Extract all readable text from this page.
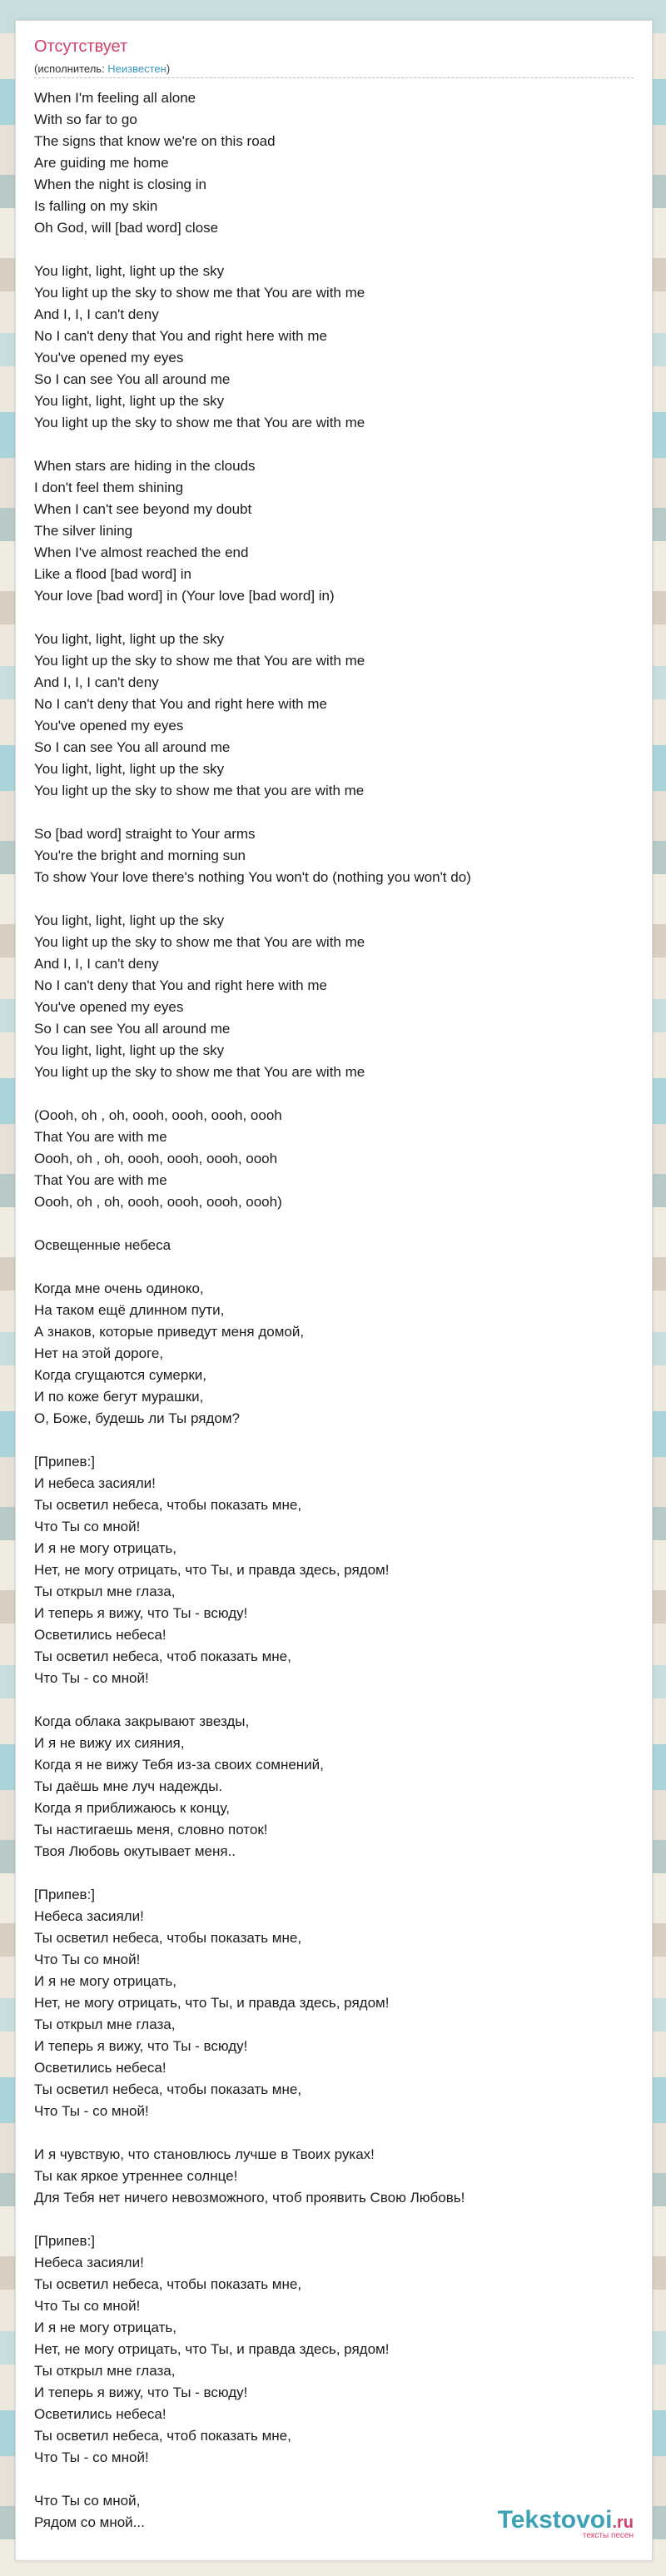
Отсутствует
(исполнитель: Неизвестен)
When I'm feeling all alone
With so far to go
The signs that know we're on this road
Are guiding me home
When the night is closing in
Is falling on my skin
Oh God, will [bad word] close

You light, light, light up the sky
You light up the sky to show me that You are with me
And I, I, I can't deny
No I can't deny that You and right here with me
You've opened my eyes
So I can see You all around me
You light, light, light up the sky
You light up the sky to show me that You are with me

When stars are hiding in the clouds
I don't feel them shining
When I can't see beyond my doubt
The silver lining
When I've almost reached the end
Like a flood [bad word] in
Your love [bad word] in (Your love [bad word] in)

You light, light, light up the sky
You light up the sky to show me that You are with me
And I, I, I can't deny
No I can't deny that You and right here with me
You've opened my eyes
So I can see You all around me
You light, light, light up the sky
You light up the sky to show me that you are with me

So [bad word] straight to Your arms
You're the bright and morning sun
To show Your love there's nothing You won't do (nothing you won't do)

You light, light, light up the sky
You light up the sky to show me that You are with me
And I, I, I can't deny
No I can't deny that You and right here with me
You've opened my eyes
So I can see You all around me
You light, light, light up the sky
You light up the sky to show me that You are with me

(Oooh, oh , oh, oooh, oooh, oooh, oooh
That You are with me
Oooh, oh , oh, oooh, oooh, oooh, oooh
That You are with me
Oooh, oh , oh, oooh, oooh, oooh, oooh)

Освещенные небеса

Когда мне очень одиноко,
На таком ещё длинном пути,
А знаков, которые приведут меня домой,
Нет на этой дороге,
Когда сгущаются сумерки,
И по коже бегут мурашки,
О, Боже, будешь ли Ты рядом?

[Припев:]
И небеса засияли!
Ты осветил небеса, чтобы показать мне,
Что Ты со мной!
И я не могу отрицать,
Нет, не могу отрицать, что Ты, и правда здесь, рядом!
Ты открыл мне глаза,
И теперь я вижу, что Ты - всюду!
Осветились небеса!
Ты осветил небеса, чтоб показать мне,
Что Ты - со мной!

Когда облака закрывают звезды,
И я не вижу их сияния,
Когда я не вижу Тебя из-за своих сомнений,
Ты даёшь мне луч надежды.
Когда я приближаюсь к концу,
Ты настигаешь меня, словно поток!
Твоя Любовь окутывает меня..

[Припев:]
Небеса засияли!
Ты осветил небеса, чтобы показать мне,
Что Ты со мной!
И я не могу отрицать,
Нет, не могу отрицать, что Ты, и правда здесь, рядом!
Ты открыл мне глаза,
И теперь я вижу, что Ты - всюду!
Осветились небеса!
Ты осветил небеса, чтобы показать мне,
Что Ты - со мной!

И я чувствую, что становлюсь лучше в Твоих руках!
Ты как яркое утреннее солнце!
Для Тебя нет ничего невозможного, чтоб проявить Свою Любовь!

[Припев:]
Небеса засияли!
Ты осветил небеса, чтобы показать мне,
Что Ты со мной!
И я не могу отрицать,
Нет, не могу отрицать, что Ты, и правда здесь, рядом!
Ты открыл мне глаза,
И теперь я вижу, что Ты - всюду!
Осветились небеса!
Ты осветил небеса, чтоб показать мне,
Что Ты - со мной!

Что Ты со мной,
Рядом со мной...	Tekstovoi.ru
тексты песен
